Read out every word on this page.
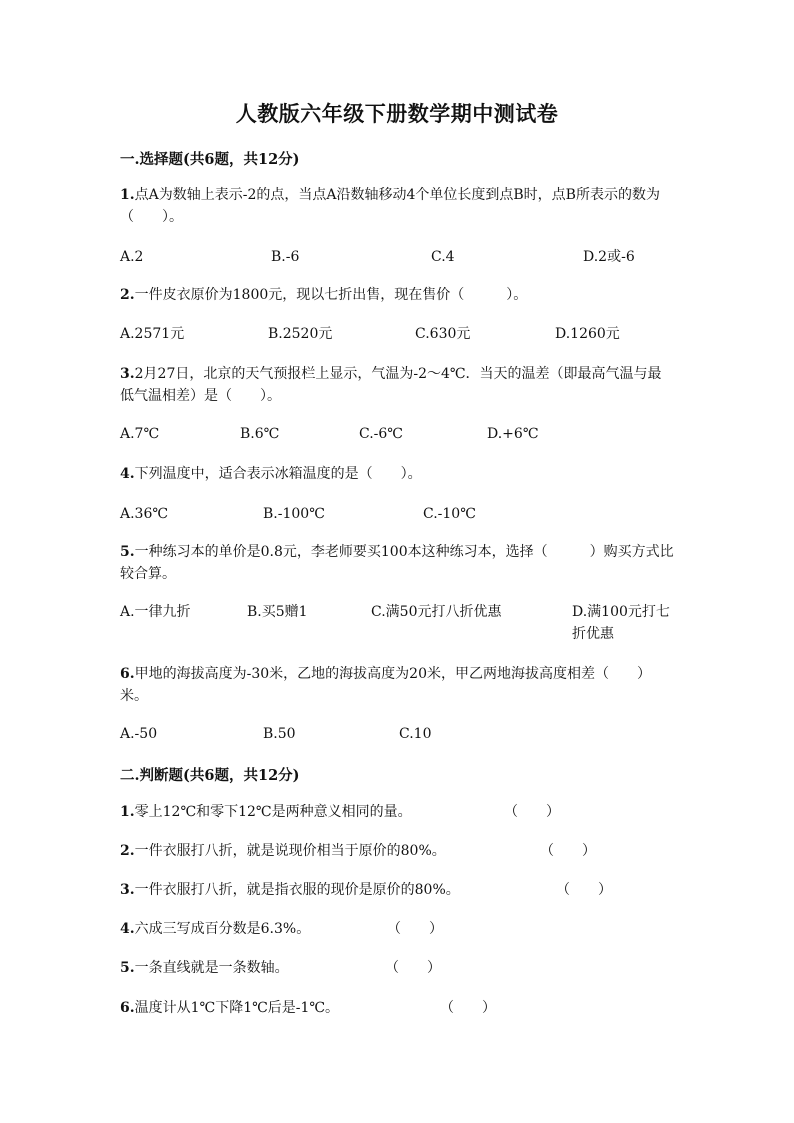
人教版六年级下册数学期中测试卷
一.选择题(共6题，共12分)
1.点A为数轴上表示-2的点，当点A沿数轴移动4个单位长度到点B时，点B所表示的数为（　　）。
A.2	B.-6	C.4	D.2或-6
2.一件皮衣原价为1800元，现以七折出售，现在售价（　　　）。
A.2571元	B.2520元	C.630元	D.1260元
3.2月27日，北京的天气预报栏上显示，气温为-2～4℃．当天的温差（即最高气温与最低气温相差）是（　　）。
A.7℃	B.6℃	C.-6℃	D.+6℃
4.下列温度中，适合表示冰箱温度的是（　　）。
A.36℃	B.-100℃	C.-10℃
5.一种练习本的单价是0.8元，李老师要买100本这种练习本，选择（　　　）购买方式比较合算。
A.一律九折	B.买5赠1	C.满50元打八折优惠	D.满100元打七折优惠
6.甲地的海拔高度为-30米，乙地的海拔高度为20米，甲乙两地海拔高度相差（　　）米。
A.-50	B.50	C.10
二.判断题(共6题，共12分)
1.零上12℃和零下12℃是两种意义相同的量。	（　　）
2.一件衣服打八折，就是说现价相当于原价的80%。	（　　）
3.一件衣服打八折，就是指衣服的现价是原价的80%。	（　　）
4.六成三写成百分数是6.3%。	（　　）
5.一条直线就是一条数轴。	（　　）
6.温度计从1℃下降1℃后是-1℃。	（　　）
